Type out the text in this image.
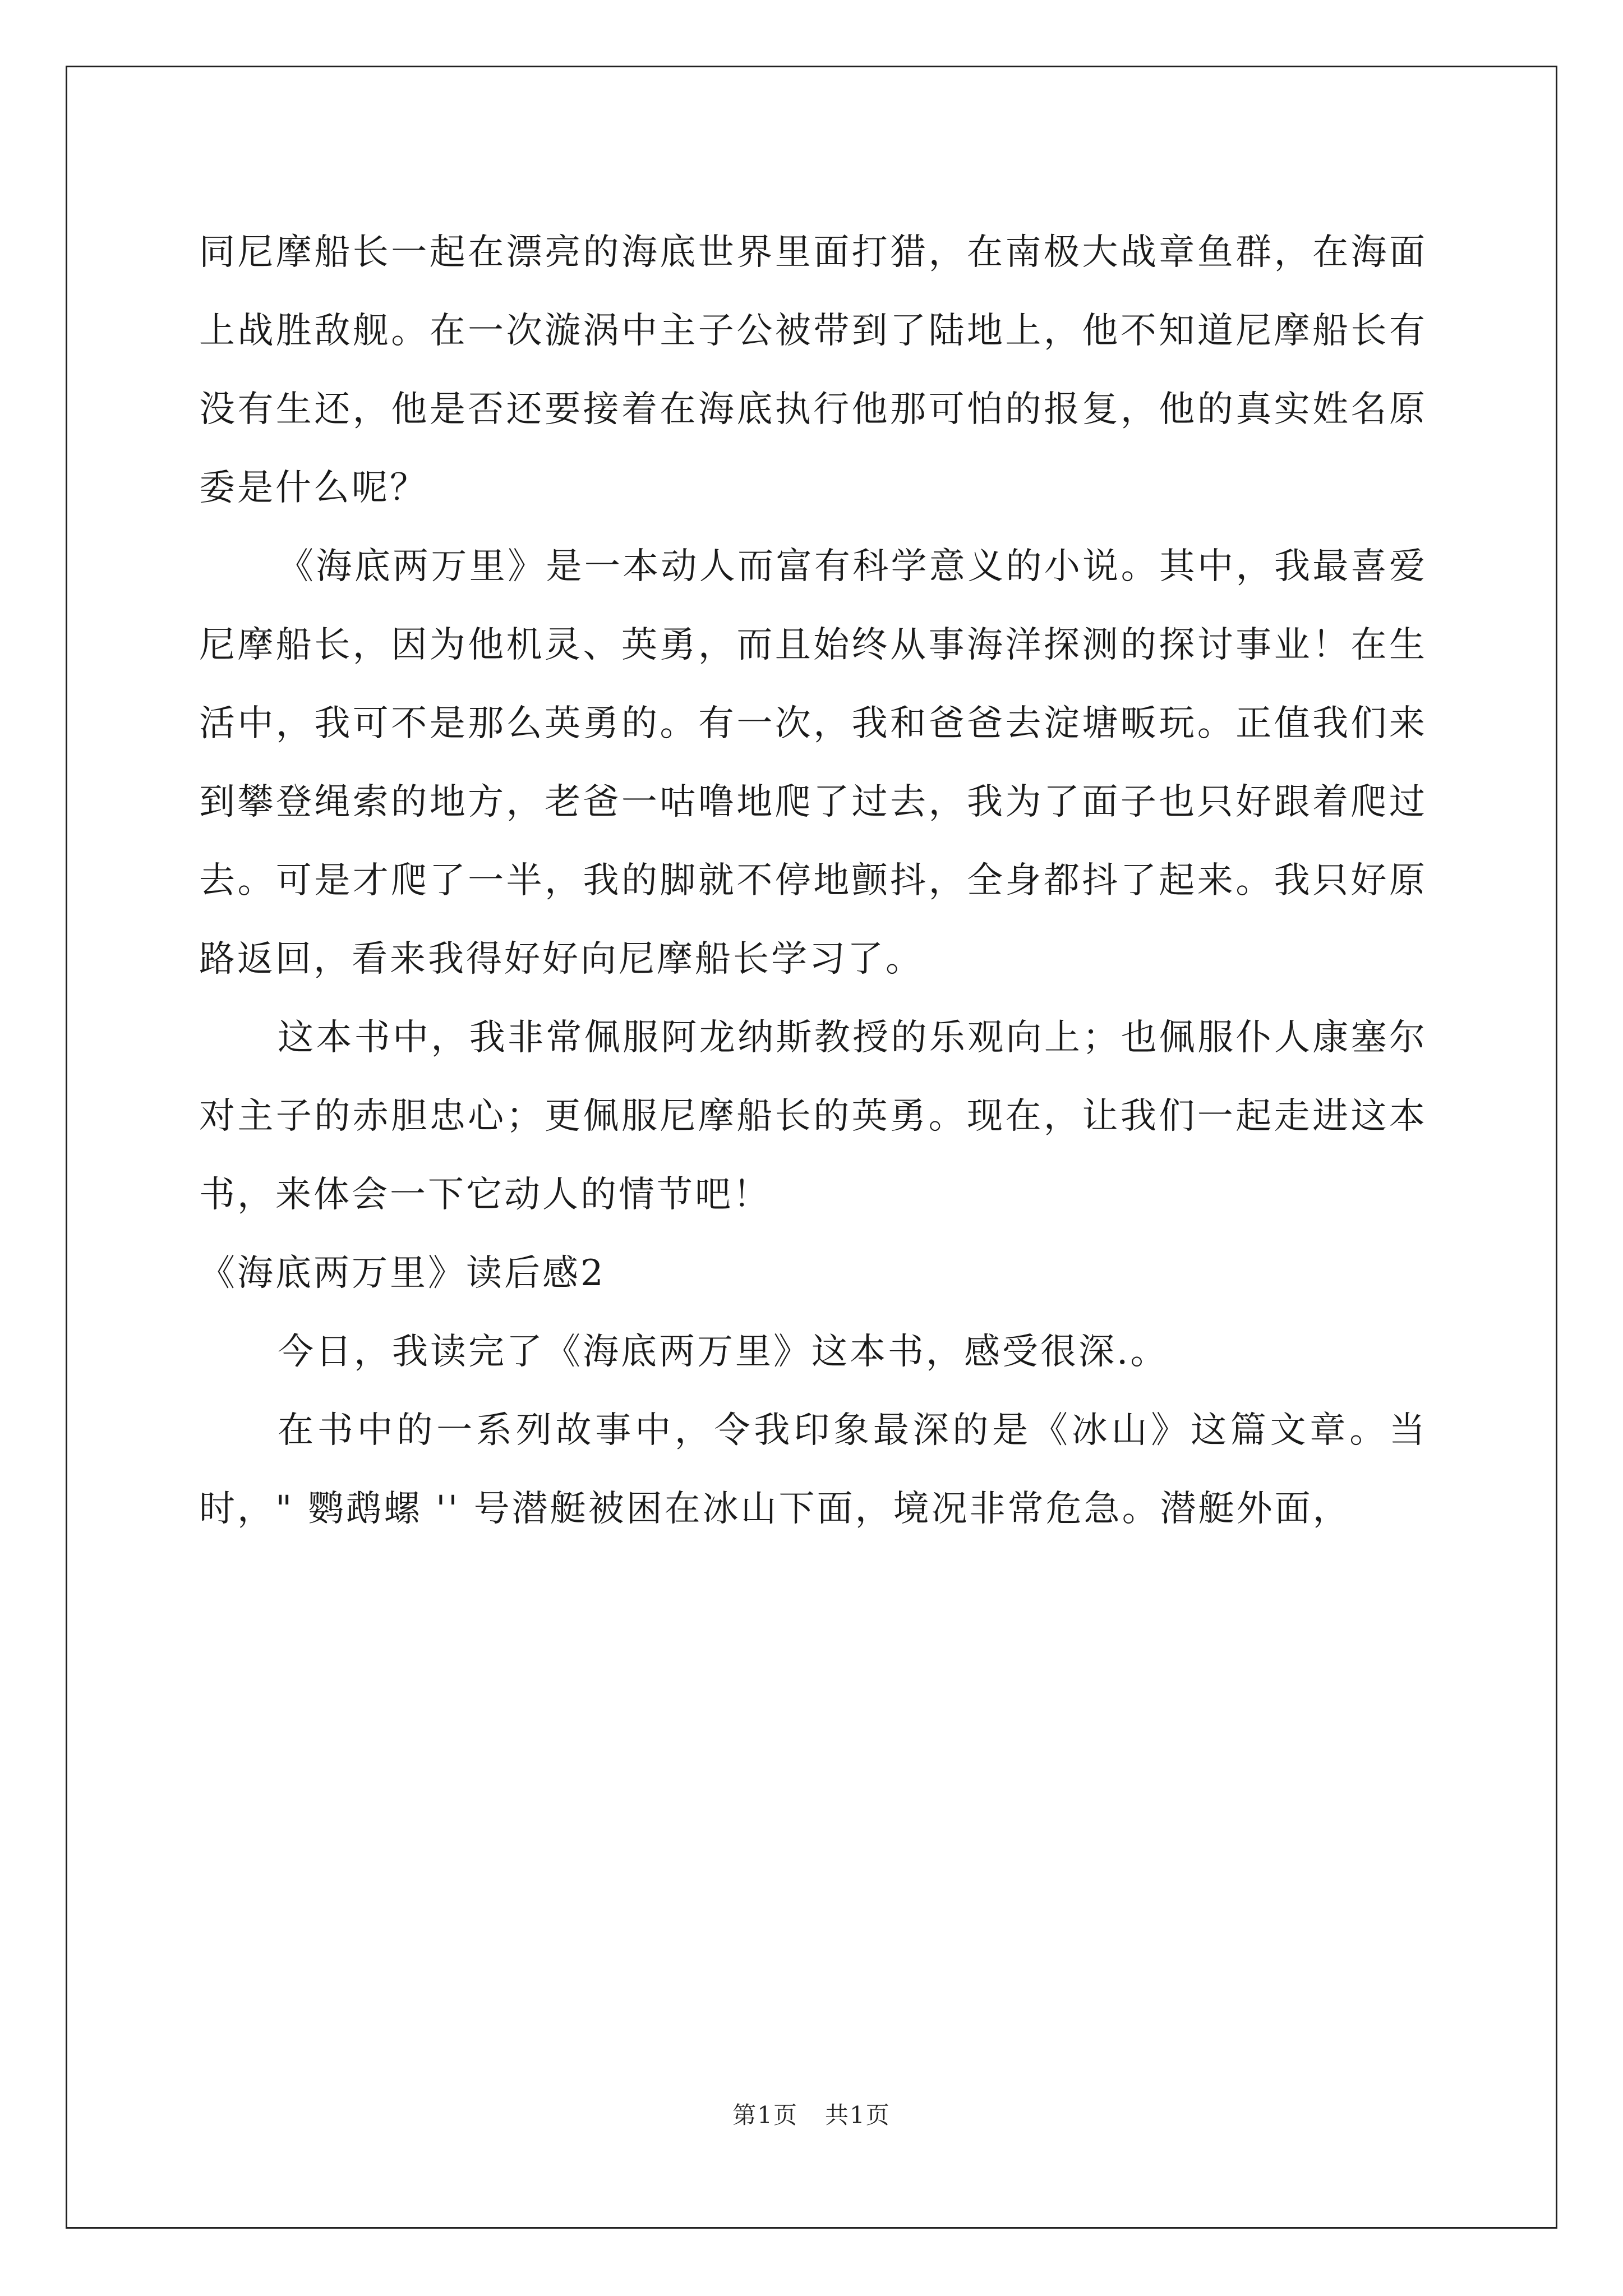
同尼摩船长一起在漂亮的海底世界里面打猎，在南极大战章鱼群，在海面上战胜敌舰。在一次漩涡中主子公被带到了陆地上，他不知道尼摩船长有没有生还，他是否还要接着在海底执行他那可怕的报复，他的真实姓名原委是什么呢？

《海底两万里》是一本动人而富有科学意义的小说。其中，我最喜爱尼摩船长，因为他机灵、英勇，而且始终从事海洋探测的探讨事业！在生活中，我可不是那么英勇的。有一次，我和爸爸去淀塘畈玩。正值我们来到攀登绳索的地方，老爸一咕噜地爬了过去，我为了面子也只好跟着爬过去。可是才爬了一半，我的脚就不停地颤抖，全身都抖了起来。我只好原路返回，看来我得好好向尼摩船长学习了。

这本书中，我非常佩服阿龙纳斯教授的乐观向上；也佩服仆人康塞尔对主子的赤胆忠心；更佩服尼摩船长的英勇。现在，让我们一起走进这本书，来体会一下它动人的情节吧！

《海底两万里》读后感2

今日，我读完了《海底两万里》这本书，感受很深.。

在书中的一系列故事中，令我印象最深的是《冰山》这篇文章。当时，" 鹦鹉螺 '' 号潜艇被困在冰山下面，境况非常危急。潜艇外面，

第1页 共1页
